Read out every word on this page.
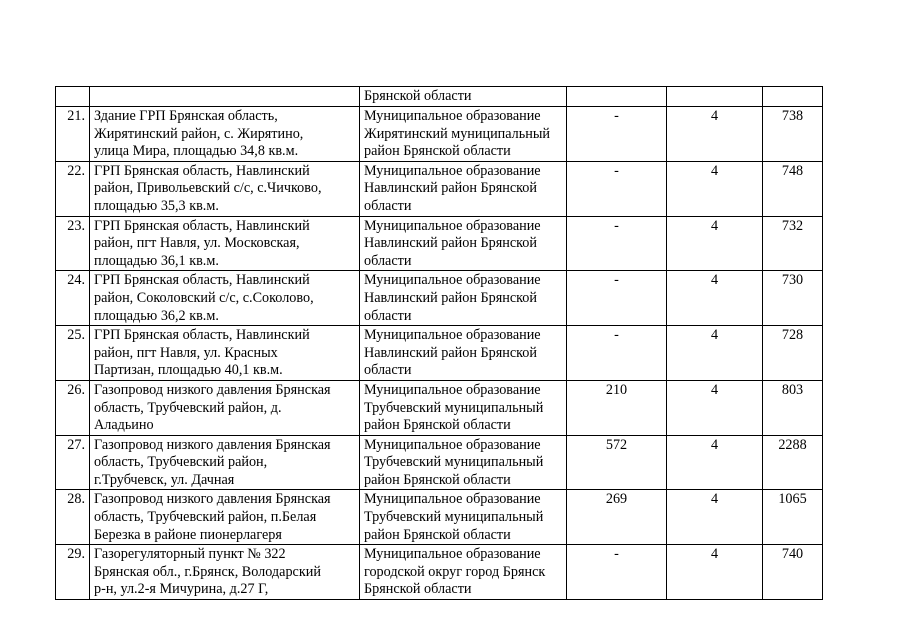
		Брянской области			
21.	Здание ГРП Брянская область,
Жирятинский район, с. Жирятино,
улица Мира, площадью 34,8 кв.м.	Муниципальное образование
Жирятинский муниципальный
район Брянской области	-	4	738
22.	ГРП Брянская область, Навлинский
район, Привольевский с/с, с.Чичково,
площадью 35,3 кв.м.	Муниципальное образование
Навлинский район Брянской
области	-	4	748
23.	ГРП Брянская область, Навлинский
район, пгт Навля, ул. Московская,
площадью 36,1 кв.м.	Муниципальное образование
Навлинский район Брянской
области	-	4	732
24.	ГРП Брянская область, Навлинский
район, Соколовский с/с, с.Соколово,
площадью 36,2 кв.м.	Муниципальное образование
Навлинский район Брянской
области	-	4	730
25.	ГРП Брянская область, Навлинский
район, пгт Навля, ул. Красных
Партизан, площадью 40,1 кв.м.	Муниципальное образование
Навлинский район Брянской
области	-	4	728
26.	Газопровод низкого давления Брянская
область, Трубчевский район, д.
Аладьино	Муниципальное образование
Трубчевский муниципальный
район Брянской области	210	4	803
27.	Газопровод низкого давления Брянская
область, Трубчевский район,
г.Трубчевск, ул. Дачная	Муниципальное образование
Трубчевский муниципальный
район Брянской области	572	4	2288
28.	Газопровод низкого давления Брянская
область, Трубчевский район, п.Белая
Березка в районе пионерлагеря	Муниципальное образование
Трубчевский муниципальный
район Брянской области	269	4	1065
29.	Газорегуляторный пункт № 322
Брянская обл., г.Брянск, Володарский
р-н, ул.2-я Мичурина, д.27 Г,	Муниципальное образование
городской округ город Брянск
Брянской области	-	4	740
